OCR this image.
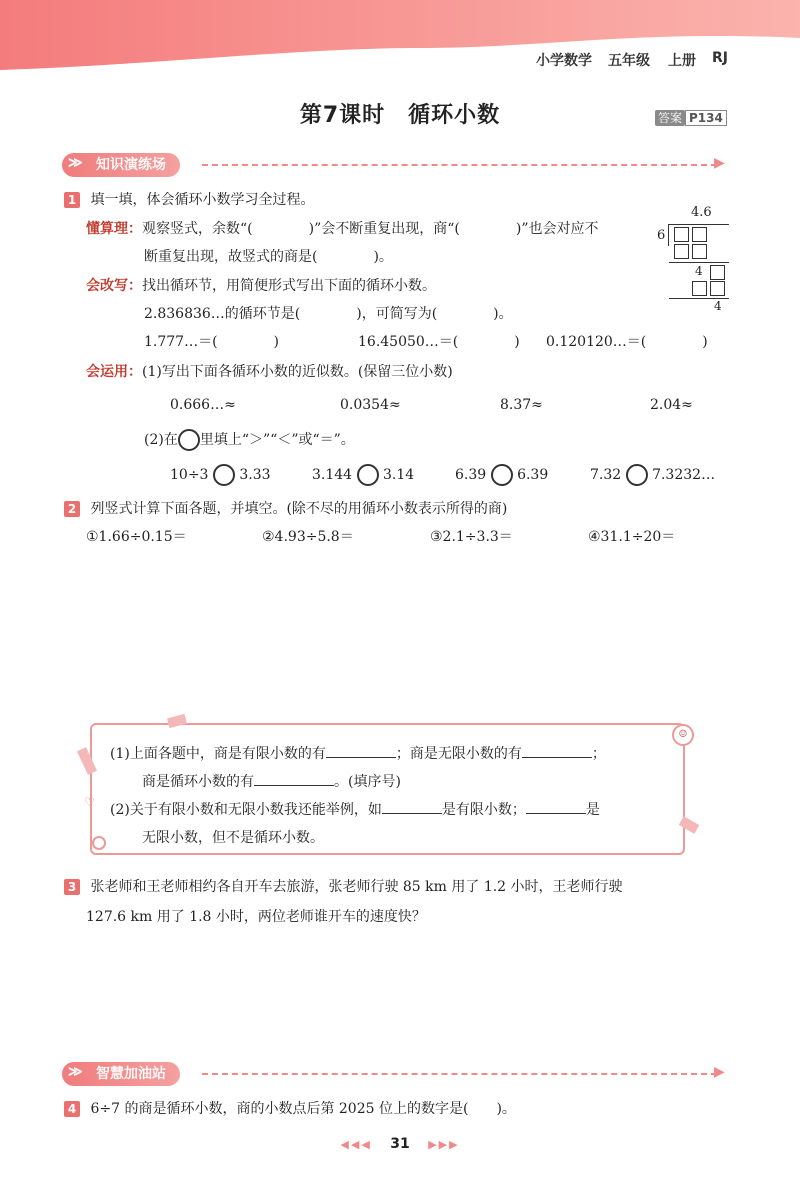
小学数学 五年级 上册 RJ
第7课时　循环小数	答案 P134
知识演练场
≫	▶
1 填一填，体会循环小数学习全过程。
懂算理：观察竖式，余数“(　　　　)”会不断重复出现，商“(　　　　)”也会对应不
断重复出现，故竖式的商是(　　　　)。
4.6
6
4
4
会改写：找出循环节，用简便形式写出下面的循环小数。
2.836836…的循环节是(　　　　)，可简写为(　　　　)。
1.777…＝(　　　　)	16.45050…＝(　　　　) 0.120120…＝(　　　　)
会运用：(1)写出下面各循环小数的近似数。(保留三位小数)
0.666…≈	0.0354≈	8.37≈	2.04≈
(2)在 里填上“＞”“＜”或“＝”。
10÷3 3.33	3.144 3.14	6.39 6.39	7.32 7.3232…
2 列竖式计算下面各题，并填空。(除不尽的用循环小数表示所得的商)
①1.66÷0.15＝	②4.93÷5.8＝	③2.1÷3.3＝	④31.1÷20＝
(1)上面各题中，商是有限小数的有	；商是无限小数的有	；
商是循环小数的有	。(填序号)
(2)关于有限小数和无限小数我还能举例，如	是有限小数；	是
无限小数，但不是循环小数。
☺
♡
3 张老师和王老师相约各自开车去旅游，张老师行驶 85 km 用了 1.2 小时，王老师行驶
127.6 km 用了 1.8 小时，两位老师谁开车的速度快？
智慧加油站
≫	▶
4 6÷7 的商是循环小数，商的小数点后第 2025 位上的数字是(　　)。
◀◀◀ 31 ▶▶▶
